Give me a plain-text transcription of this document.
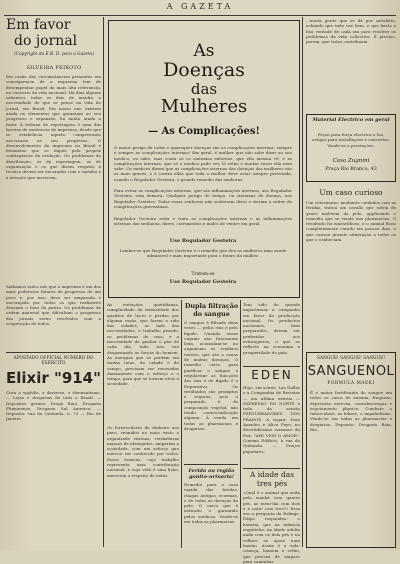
A GAZETA
Em favor
do jornal
(Copyright da E.B. D. para a Gazeta)
SILVEIRA PEIXOTO
Em razão das circumstancias presentes em consequencia de a imprensa tem de desempenhar papel da mais alta relevancia, no concerto da vida nacional. Há dias alguem salientou, todos os dias de manhã, a necessidade de que se pense na vida do jornal, em Brasil. Em nosso não existem ainda os elementos que garantam ao seu progresso e expansão, ha muito ainda a fazer. A tribuna de reportagem é uma das facetas de existencia de imprensa, desde que se estabelecia aquela compreensão necessaria ao seu progresso. O desenvolvimento da imprensa no Brasil é fenomeno que se impõe pela propria contingencia da evolução. Os problemas da distribuição, os da reportagem, os de organização e os que dizem respeito à tecnica devem ser encarados com o carinho e a atenção que merecem.
Saibamos todos nós que a imprensa é um dos mais poderosos fatores de progresso de um povo e, por isso, deve ser amparada e encorajada por todos os que realmente desejam o bem da patria. Os problemas de ordem material que dificultam o progresso dos jornais serão resolvidos com a cooperação de todos.
APOSTADO OFFICIAL NUMERO DO EXERCITO
Elixir "914"
Cura a syphilis, a dartrose, o rheumatismo. — Lojas e drogarias de todo o Brasil. — Depositos geraes: Droga Raia, Drogaria Fluminense, Drogaria Sul America. — Deposito: rua da Quitanda, n. 75 — Rio de Janeiro.
As
Doenças
das
Mulheres
— As Complicações!
O maior perigo de todas e quaesquer doenças são as complicações internas, sempre e sempre as complicações internas! Em geral, é mulher que não sabe dizer ao seu medico, ou sabe, mas conta só os sintomas externos, que ella mesma vê; e as complicações internas, que só o medico pode ver, lá estão e muitas vezes ella nem sabe. Os medicos dizem que as complicações internas das doenças das mulheres são as mais graves, e é contra ellas que toda a mulher deve estar sempre prevenida, usando o Regulador Gesteira, o grande remedio das senhoras.
Para evitar as complicações internas, que são inflammações internas, use Regulador Gesteira, sem demora. Qualquer perigo de tempo, ou sintomas de doença, use Regulador Gesteira. Todas essas senhoras não souberam disso e vieram a sofrer de complicações gravissimas.
Regulador Gesteira evita e trata as complicações internas e as inflammações internas das senhoras, dores, corrimentos e males de ventre em geral.
Use Regulador Gesteira
Lembre-se que Regulador Gesteira é o remedio que deu as mulheres uma saude admiravel e mais importante para o futuro da mulher.
Tratem-se
Use Regulador Gesteira
As tentações quotidianas, cumplicidade da intensidade dos quadros de lucro e perdas por alguma razão, que fazem a vida das cidades, ao lado das necessidades, o trabalho pesado, os problemas de casa, e a necessidade de ganhar o pão de cada dia, tudo isso vae desgastando as forças do homem. As energias que se perdem em tantas lutas, da cidade e do campo, precisam ser renovadas diariamente com o esforço e o tempo, para que se tornem uteis à sociedade.
Os fornecedores de dinheiro aos paes, reunidos no mais vasto e organizado sistema, verdadeiras massas de abnegados, amparam a sociedade, com um esforço que merece ser conhecido por todos. Esses homens, cujo trabalho representa uma contribuição nacional, e cuja vida é uma lição, merecem o respeito de todos.
Dupla filtração do sangue
O sangue é filtrado duas vezes — pelos rins e pelo figado. Quando esses orgams não funcionam bem, acumulam-se no organismo os residuos toxicos, que são a causa de muitas doenças. O remedio certo para purificar o sangue e regularizar as funcções dos rins e do figado é o Depurativo. Os resultados são promptos e seguros, pois o preparado é de composição vegetal, não tendo contra-indicação alguma. Á venda em todas as pharmacias e drogarias.
Ferida ou região gonito-urinaria!
Remedio para a cura rapida das feridas, chagas antigas, eczemas, e de todas as doenças da pele. O unico que é indicado e garantido pelos medicos. Vende-se em todas as pharmacias.
Tem sido de grande importancia a campanha em favor da producção nacional. Os productos nacionaes, bem preparados, devem ser preferidos aos estrangeiros, o que se reflecte na economia e prosperidade do paiz.
EDEN
Hoje, em soirée, Las Dallas e a Companhia de Revistas — em ultima estreia — EXPRESSO DO NORTE e toda da sessão PERTURBADORES DOS PRADOS. A seguir, Dom Amadeo e Alice Faye, no divertidissimo romance da Fox: "AHI VEM O AMOR". Cinema Edifício, à rua da Quitanda. — Preços populares.
A idade das tres pés
«Qual é o animal que anda pela manhã com quatro pés, ao meio-dia com dois e à noite com tres?» Essa era a pergunta da Esfinge. Edipo respondeu: o homem, que na infancia engatinha, na idade adulta anda com os dois pés e na velhice se apoia num bastão. Assim é a vida: criança, homem e velho, que precisa de amparo para caminhar.
...muita gente que se dá por satisfeito, achando que tudo vae bem, e que basta a boa vontade de cada um para resolver os problemas da vida collectiva. É preciso, porem, que todos contribuam.
Material Electrico em geral
Peças para força electrica e luz, artigos para installações e concertos. Vende-se a prestações.
Casa Zugnini
Praça Rio Branco, 43
Um caso curioso
Um veterinario, mediante cuidados com as feridas, tratou um cavallo que sofria de grave moléstia da pele, applicando o remedio que se vende nas pharmacias. O resultado foi maravilhoso, e o animal ficou completamente curado em poucos dias, o que causou grande admiração a todos os que o conheciam.
SANGUE! SANGUE! SANGUE!
SANGUENOL
FORMULA MAEKI
É o maior fortificante do sangue em todos os casos de anemia, fraqueza, depressão nervosa, convalescenças e esgotamento physico. Combate a tuberculose, as febres, o impaludismo. Vende-se em todas as pharmacias e drogarias. Deposito: Drogaria Raia, Rio.
